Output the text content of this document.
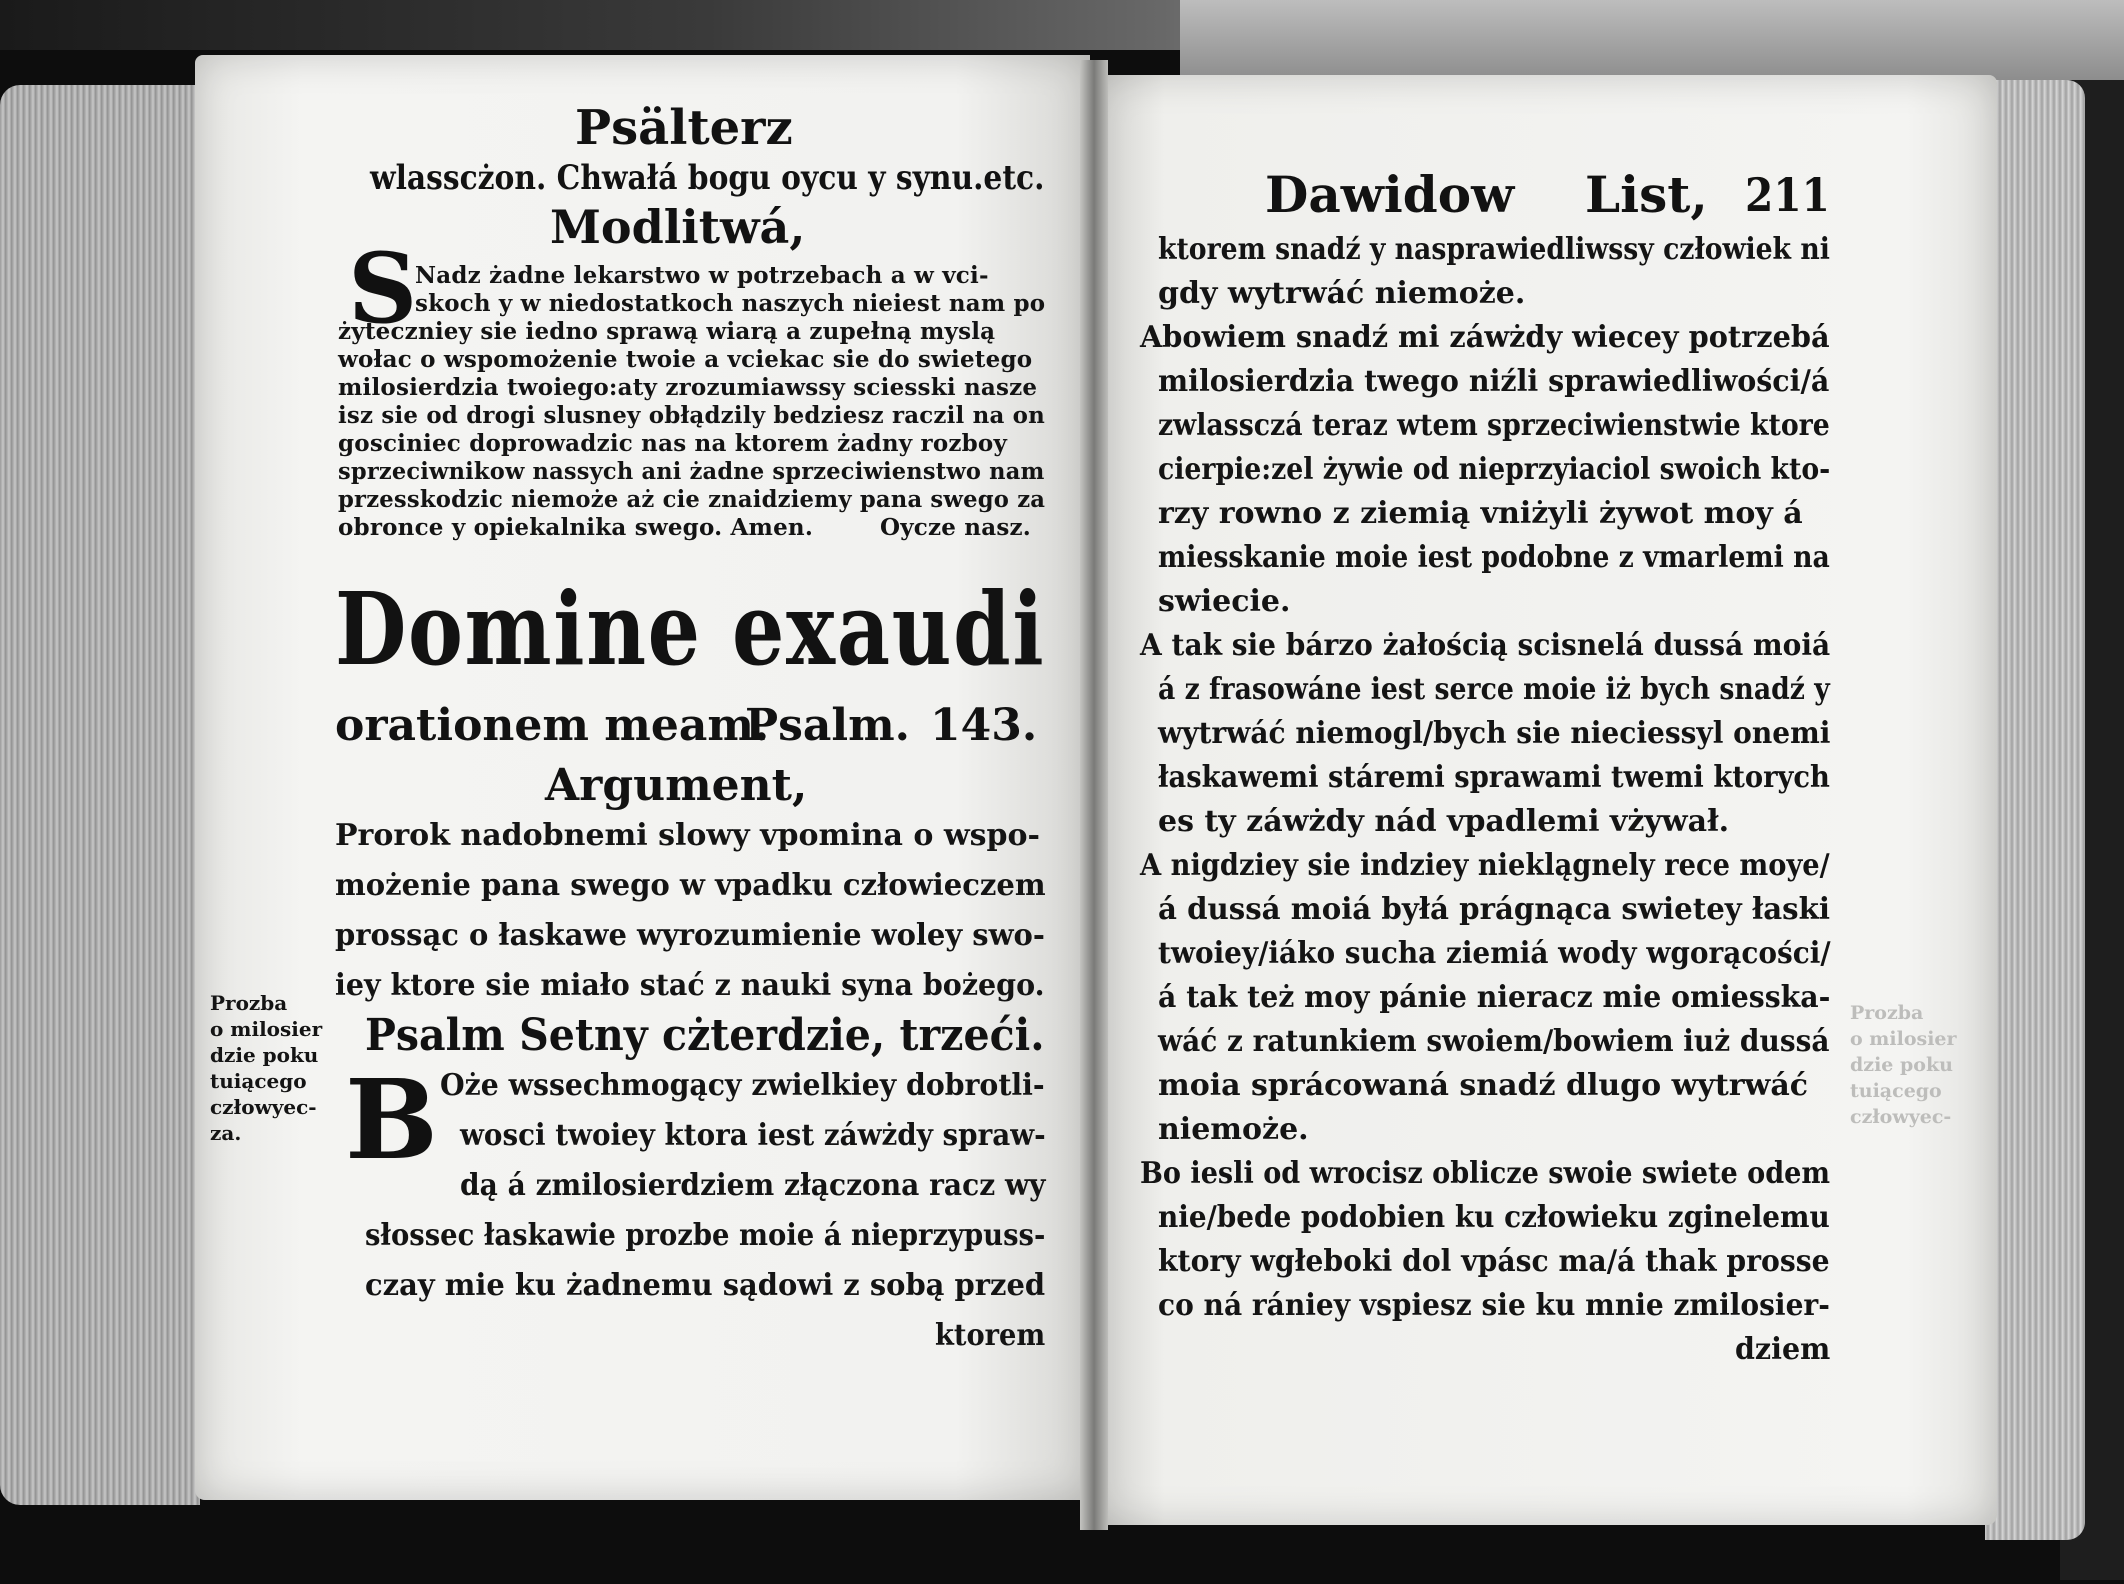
Prozba
o milosier
dzie poku
tuiącego
człowyec-
Psälterz
wlasscżon. Chwałá bogu oycu y synu.etc.
Modlitwá,
S
Nadz żadne lekarstwo w potrzebach a w vci-
skoch y w niedostatkoch naszych nieiest nam po
żyteczniey sie iedno sprawą wiarą a zupełną myslą
wołac o wspomożenie twoie a vciekac sie do swietego
milosierdzia twoiego:aty zrozumiawssy sciesski nasze
isz sie od drogi slusney obłądzily bedziesz raczil na on
gosciniec doprowadzic nas na ktorem żadny rozboy
sprzeciwnikow nassych ani żadne sprzeciwienstwo nam
przesskodzic niemoże aż cie znaidziemy pana swego za
obronce y opiekalnika swego. Amen.	Oycze nasz.
Domine exaudi
orationem meam.
Psalm. 143.
Argument,
Prorok nadobnemi slowy vpomina o wspo-
możenie pana swego w vpadku człowieczem
prossąc o łaskawe wyrozumienie woley swo-
iey ktore sie miało stać z nauki syna bożego.
Prozba
o milosier
dzie poku
tuiącego
człowyec-
za.
Psalm Setny cżterdzie, trzeći.
B Oże wssechmogący zwielkiey dobrotli-
wosci twoiey ktora iest záwżdy spraw-
dą á zmilosierdziem złączona racz wy
słossec łaskawie prozbe moie á nieprzypuss-
czay mie ku żadnemu sądowi z sobą przed
ktorem
Dawidow List, 211
ktorem snadź y nasprawiedliwssy człowiek ni
gdy wytrwáć niemoże.
Abowiem snadź mi záwżdy wiecey potrzebá
milosierdzia twego niźli sprawiedliwości/á
zwlassczá teraz wtem sprzeciwienstwie ktore
cierpie:zel żywie od nieprzyiaciol swoich kto-
rzy rowno z ziemią vniżyli żywot moy á
miesskanie moie iest podobne z vmarlemi na
swiecie.
A tak sie bárzo żałością scisnelá dussá moiá
á z frasowáne iest serce moie iż bych snadź y
wytrwáć niemogl/bych sie nieciessyl onemi
łaskawemi stáremi sprawami twemi ktorych
es ty záwżdy nád vpadlemi vżywał.
A nigdziey sie indziey nieklągnely rece moye/
á dussá moiá byłá prágnąca swietey łaski
twoiey/iáko sucha ziemiá wody wgorącości/
á tak też moy pánie nieracz mie omiesska-
wáć z ratunkiem swoiem/bowiem iuż dussá
moia sprácowaná snadź dlugo wytrwáć
niemoże.
Bo iesli od wrocisz oblicze swoie swiete odem
nie/bede podobien ku człowieku zginelemu
ktory wgłeboki dol vpásc ma/á thak prosse
co ná rániey vspiesz sie ku mnie zmilosier-
dziem
